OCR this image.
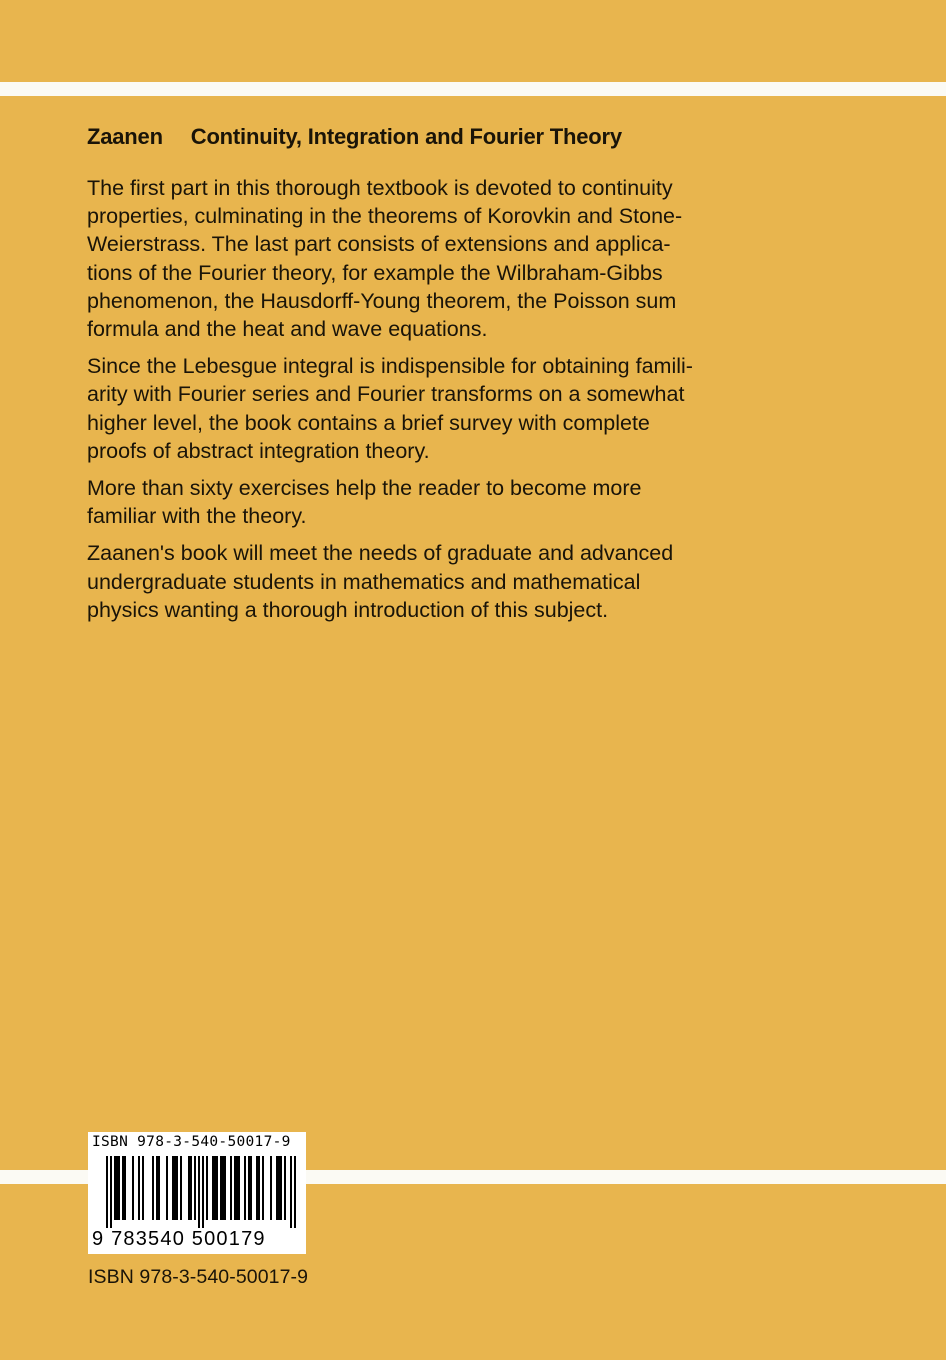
Zaanen Continuity, Integration and Fourier Theory
The first part in this thorough textbook is devoted to continuity
properties, culminating in the theorems of Korovkin and Stone-
Weierstrass. The last part consists of extensions and applica-
tions of the Fourier theory, for example the Wilbraham-Gibbs
phenomenon, the Hausdorff-Young theorem, the Poisson sum
formula and the heat and wave equations.
Since the Lebesgue integral is indispensible for obtaining famili-
arity with Fourier series and Fourier transforms on a somewhat
higher level, the book contains a brief survey with complete
proofs of abstract integration theory.
More than sixty exercises help the reader to become more
familiar with the theory.
Zaanen's book will meet the needs of graduate and advanced
undergraduate students in mathematics and mathematical
physics wanting a thorough introduction of this subject.
ISBN 978-3-540-50017-9
9 783540 500179
ISBN 978-3-540-50017-9
